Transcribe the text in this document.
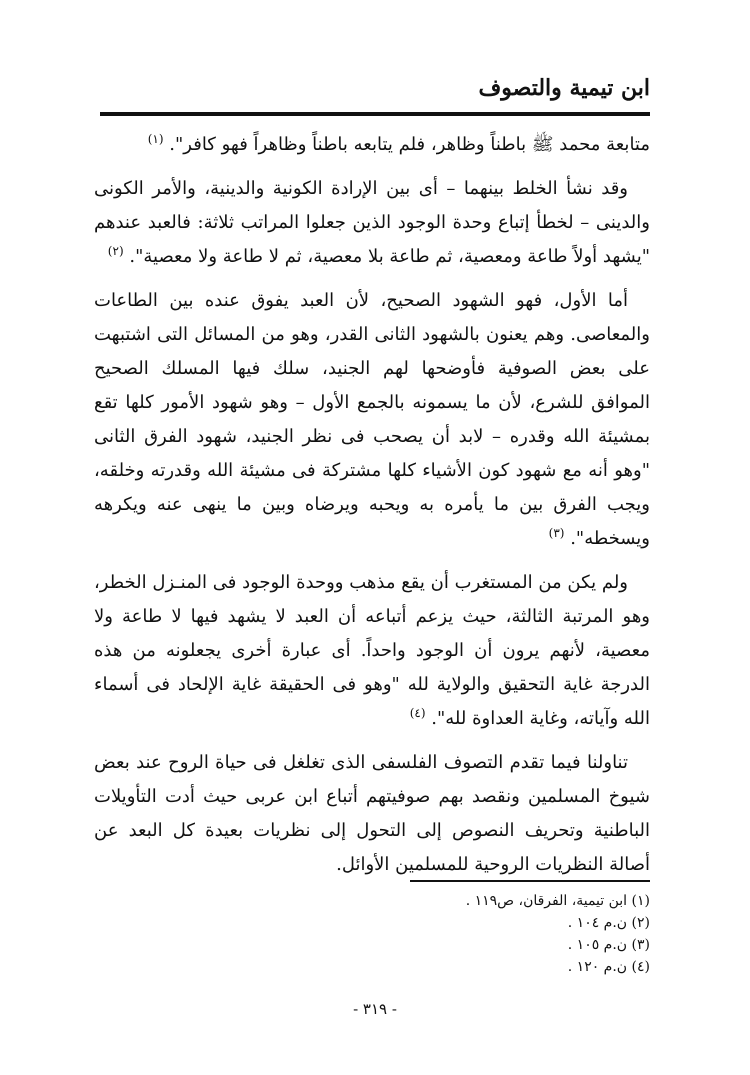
ابن تيمية والتصوف

متابعة محمد ﷺ باطناً وظاهر، فلم يتابعه باطناً وظاهراً فهو كافر". $^{(١)}$

وقد نشأ الخلط بينهما – أى بين الإرادة الكونية والدينية، والأمر الكونى والدينى – لخطأ إتباع وحدة الوجود الذين جعلوا المراتب ثلاثة: فالعبد عندهم "يشهد أولاً طاعة ومعصية، ثم طاعة بلا معصية، ثم لا طاعة ولا معصية". $^{(٢)}$

أما الأول، فهو الشهود الصحيح، لأن العبد يفوق عنده بين الطاعات والمعاصى. وهم يعنون بالشهود الثانى القدر، وهو من المسائل التى اشتبهت على بعض الصوفية فأوضحها لهم الجنيد، سلك فيها المسلك الصحيح الموافق للشرع، لأن ما يسمونه بالجمع الأول – وهو شهود الأمور كلها تقع بمشيئة الله وقدره – لابد أن يصحب فى نظر الجنيد، شهود الفرق الثانى "وهو أنه مع شهود كون الأشياء كلها مشتركة فى مشيئة الله وقدرته وخلقه، ويجب الفرق بين ما يأمره به ويحبه ويرضاه وبين ما ينهى عنه ويكرهه ويسخطه". $^{(٣)}$

ولم يكن من المستغرب أن يقع مذهب ووحدة الوجود فى المنـزل الخطر، وهو المرتبة الثالثة، حيث يزعم أتباعه أن العبد لا يشهد فيها لا طاعة ولا معصية، لأنهم يرون أن الوجود واحداً. أى عبارة أخرى يجعلونه من هذه الدرجة غاية التحقيق والولاية لله "وهو فى الحقيقة غاية الإلحاد فى أسماء الله وآياته، وغاية العداوة لله". $^{(٤)}$

تناولنا فيما تقدم التصوف الفلسفى الذى تغلغل فى حياة الروح عند بعض شيوخ المسلمين ونقصد بهم صوفيتهم أتباع ابن عربى حيث أدت التأويلات الباطنية وتحريف النصوص إلى التحول إلى نظريات بعيدة كل البعد عن أصالة النظريات الروحية للمسلمين الأوائل.

(١) ابن تيمية، الفرقان، ص١١٩ .

(٢) ن.م ١٠٤ .

(٣) ن.م ١٠٥ .

(٤) ن.م ١٢٠ .

- ٣١٩ -
